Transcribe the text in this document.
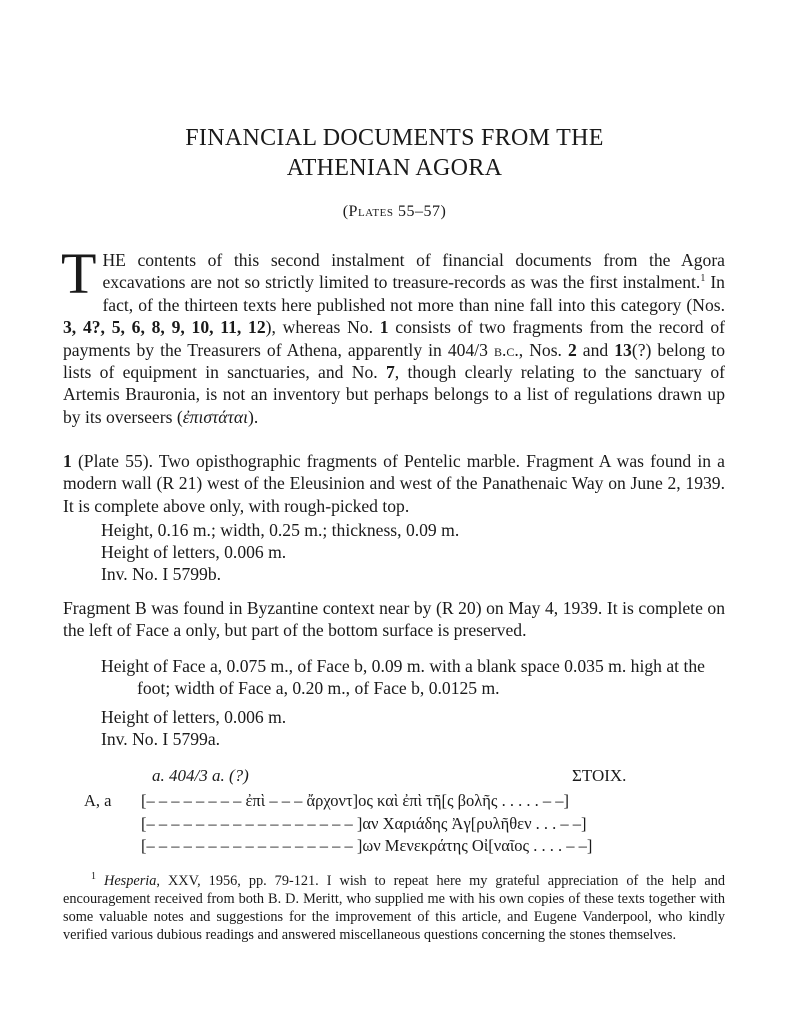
FINANCIAL DOCUMENTS FROM THE
ATHENIAN AGORA
(Plates 55–57)

THE contents of this second instalment of financial documents from the Agora excavations are not so strictly limited to treasure-records as was the first instalment.$^1$ In fact, of the thirteen texts here published not more than nine fall into this category (Nos. 3, 4?, 5, 6, 8, 9, 10, 11, 12), whereas No. 1 consists of two fragments from the record of payments by the Treasurers of Athena, apparently in 404/3 b.c., Nos. 2 and 13(?) belong to lists of equipment in sanctuaries, and No. 7, though clearly relating to the sanctuary of Artemis Brauronia, is not an inventory but perhaps belongs to a list of regulations drawn up by its overseers (ἐπιστάται).

1 (Plate 55). Two opisthographic fragments of Pentelic marble. Fragment A was found in a modern wall (R 21) west of the Eleusinion and west of the Panathenaic Way on June 2, 1939. It is complete above only, with rough-picked top.

Height, 0.16 m.; width, 0.25 m.; thickness, 0.09 m.
Height of letters, 0.006 m.
Inv. No. I 5799b.

Fragment B was found in Byzantine context near by (R 20) on May 4, 1939. It is complete on the left of Face a only, but part of the bottom surface is preserved.

Height of Face a, 0.075 m., of Face b, 0.09 m. with a blank space 0.035 m. high at the foot; width of Face a, 0.20 m., of Face b, 0.0125 m.
Height of letters, 0.006 m.
Inv. No. I 5799a.
a. 404/3 a. (?)	ΣΤΟΙΧ.
A, a [– – – – – – – – ἐπὶ – – – ἄρχοντ]ος καὶ ἐπὶ τῆ[ς βολῆς . . . . . – –]
[– – – – – – – – – – – – – – – – – ]αν Χαριάδης Ἀγ[ρυλῆθεν . . . – –]
[– – – – – – – – – – – – – – – – – ]ων Μενεκράτης Οἰ[ναῖος . . . . – –]

$^1$ Hesperia, XXV, 1956, pp. 79-121. I wish to repeat here my grateful appreciation of the help and encouragement received from both B. D. Meritt, who supplied me with his own copies of these texts together with some valuable notes and suggestions for the improvement of this article, and Eugene Vanderpool, who kindly verified various dubious readings and answered miscellaneous questions concerning the stones themselves.
